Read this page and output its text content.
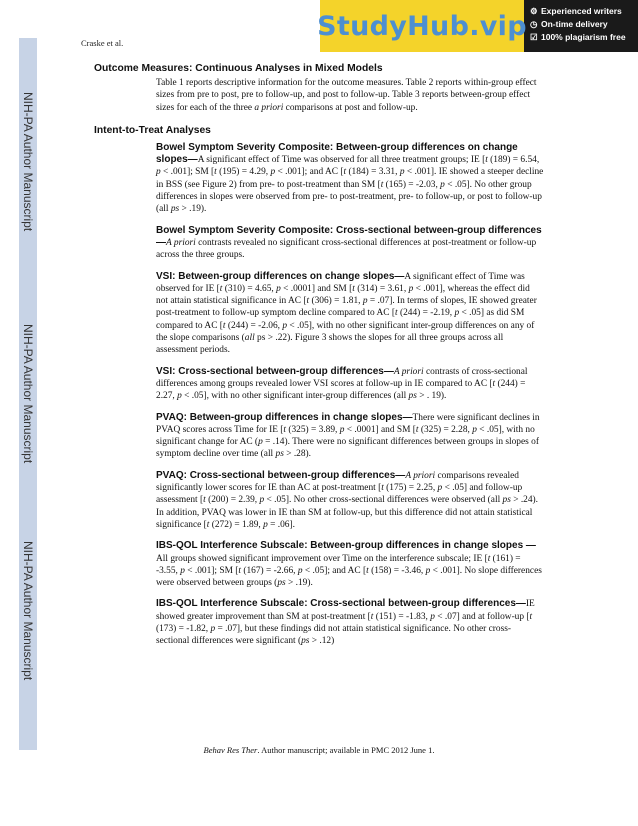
NIH-PA Author Manuscript
NIH-PA Author Manuscript
NIH-PA Author Manuscript
Craske et al.
StudyHub.vip ⚙ Experienced writers
◷ On-time delivery
☑ 100% plagiarism free
Outcome Measures: Continuous Analyses in Mixed Models

Table 1 reports descriptive information for the outcome measures. Table 2 reports within-group effect sizes from pre to post, pre to follow-up, and post to follow-up. Table 3 reports between-group effect sizes for each of the three a priori comparisons at post and follow-up.

Intent-to-Treat Analyses

Bowel Symptom Severity Composite: Between-group differences on change slopes—A significant effect of Time was observed for all three treatment groups; IE [t (189) = 6.54, p < .001]; SM [t (195) = 4.29, p < .001]; and AC [t (184) = 3.31, p < .001]. IE showed a steeper decline in BSS (see Figure 2) from pre- to post-treatment than SM [t (165) = -2.03, p < .05]. No other group differences in slopes were observed from pre- to post-treatment, pre- to follow-up, or post to follow-up (all ps > .19).

Bowel Symptom Severity Composite: Cross-sectional between-group differences—A priori contrasts revealed no significant cross-sectional differences at post-treatment or follow-up across the three groups.

VSI: Between-group differences on change slopes—A significant effect of Time was observed for IE [t (310) = 4.65, p < .0001] and SM [t (314) = 3.61, p < .001], whereas the effect did not attain statistical significance in AC [t (306) = 1.81, p = .07]. In terms of slopes, IE showed greater post-treatment to follow-up symptom decline compared to AC [t (244) = -2.19, p < .05] as did SM compared to AC [t (244) = -2.06, p < .05], with no other significant inter-group differences on any of the slope comparisons (all ps > .22). Figure 3 shows the slopes for all three groups across all assessment periods.

VSI: Cross-sectional between-group differences—A priori contrasts of cross-sectional differences among groups revealed lower VSI scores at follow-up in IE compared to AC [t (244) = 2.27, p < .05], with no other significant inter-group differences (all ps > . 19).

PVAQ: Between-group differences in change slopes—There were significant declines in PVAQ scores across Time for IE [t (325) = 3.89, p < .0001] and SM [t (325) = 2.28, p < .05], with no significant change for AC (p = .14). There were no significant differences between groups in slopes of symptom decline over time (all ps > .28).

PVAQ: Cross-sectional between-group differences—A priori comparisons revealed significantly lower scores for IE than AC at post-treatment [t (175) = 2.25, p < .05] and follow-up assessment [t (200) = 2.39, p < .05]. No other cross-sectional differences were observed (all ps > .24). In addition, PVAQ was lower in IE than SM at follow-up, but this difference did not attain statistical significance [t (272) = 1.89, p = .06].

IBS-QOL Interference Subscale: Between-group differences in change slopes —All groups showed significant improvement over Time on the interference subscale; IE [t (161) = -3.55, p < .001]; SM [t (167) = -2.66, p < .05]; and AC [t (158) = -3.46, p < .001]. No slope differences were observed between groups (ps > .19).

IBS-QOL Interference Subscale: Cross-sectional between-group differences—IE showed greater improvement than SM at post-treatment [t (151) = -1.83, p < .07] and at follow-up [t (173) = -1.82, p = .07], but these findings did not attain statistical significance. No other cross-sectional differences were significant (ps > .12)

Behav Res Ther. Author manuscript; available in PMC 2012 June 1.
